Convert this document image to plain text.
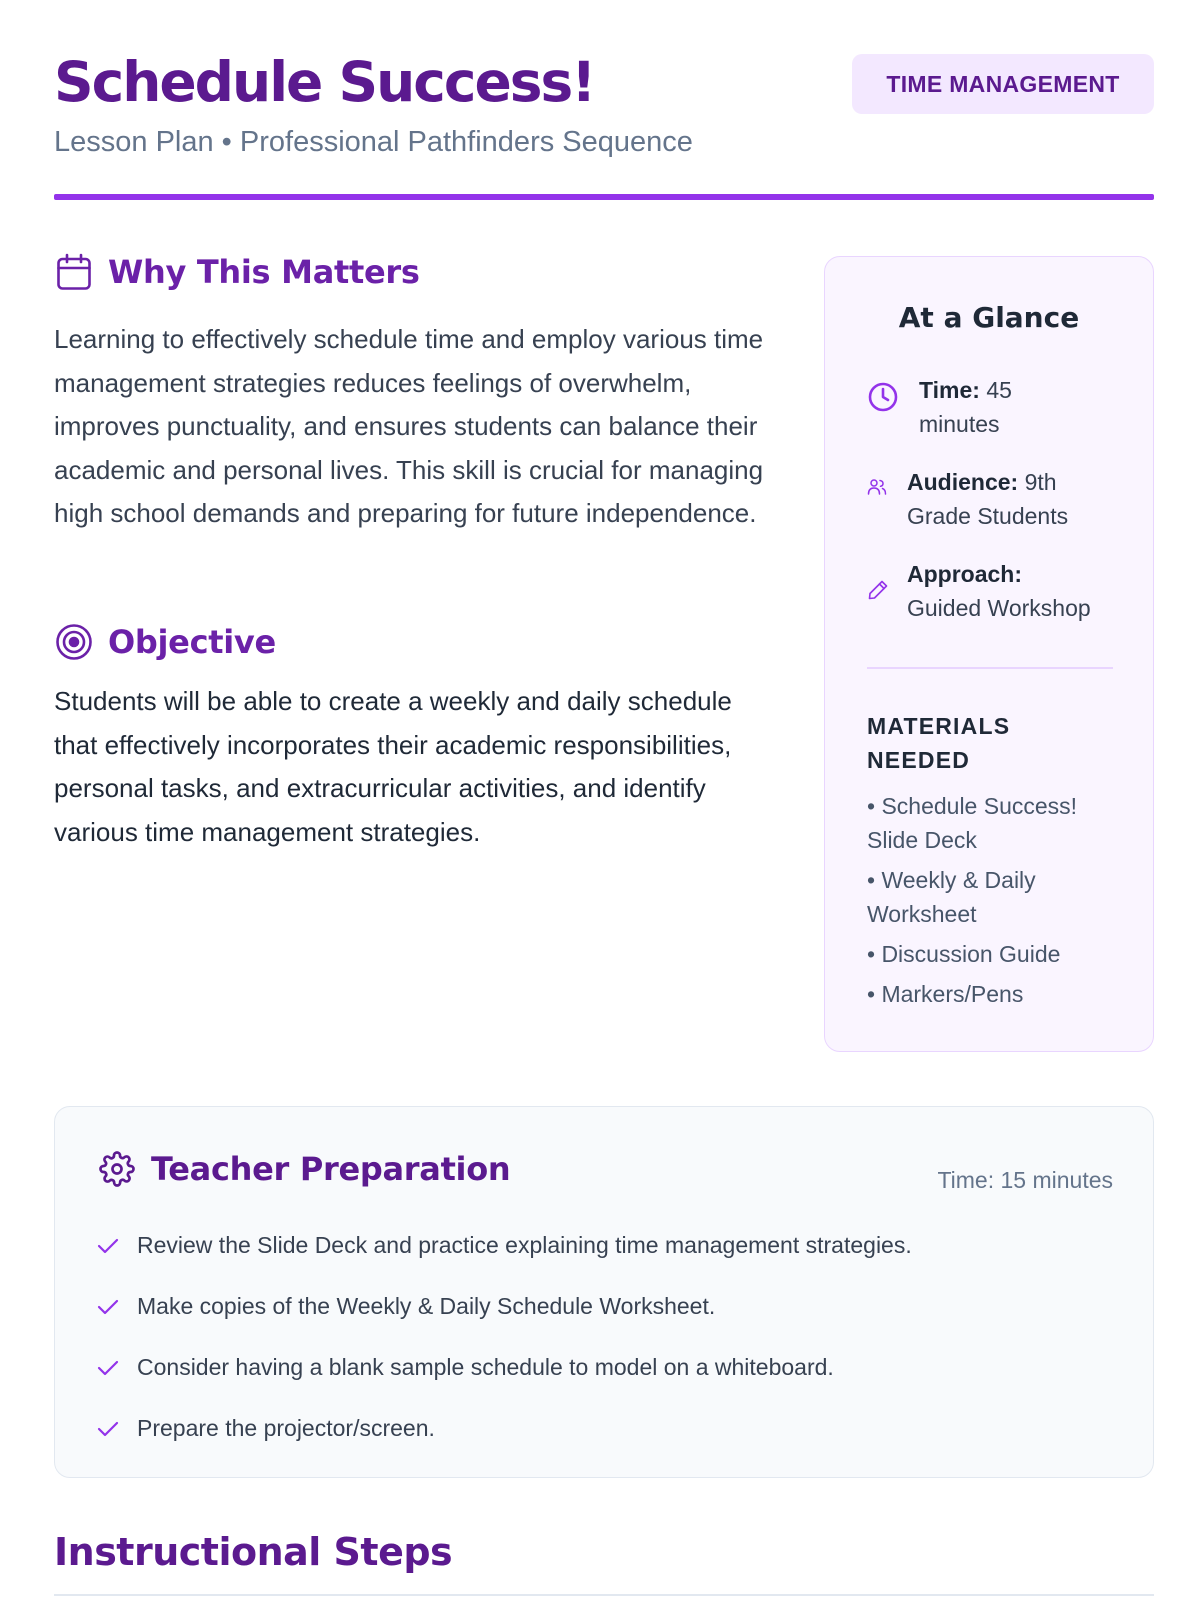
Schedule Success!
Lesson Plan • Professional Pathfinders Sequence
TIME MANAGEMENT
Why This Matters

Learning to effectively schedule time and employ various time management strategies reduces feelings of overwhelm, improves punctuality, and ensures students can balance their academic and personal lives. This skill is crucial for managing high school demands and preparing for future independence.

Objective

Students will be able to create a weekly and daily schedule that effectively incorporates their academic responsibilities, personal tasks, and extracurricular activities, and identify various time management strategies.

At a Glance
Time: 45 minutes
Audience: 9th Grade Students
Approach:
Guided Workshop
MATERIALS NEEDED
• Schedule Success! Slide Deck
• Weekly & Daily Worksheet
• Discussion Guide
• Markers/Pens
Teacher Preparation	Time: 15 minutes
Review the Slide Deck and practice explaining time management strategies.
Make copies of the Weekly & Daily Schedule Worksheet.
Consider having a blank sample schedule to model on a whiteboard.
Prepare the projector/screen.
Instructional Steps
